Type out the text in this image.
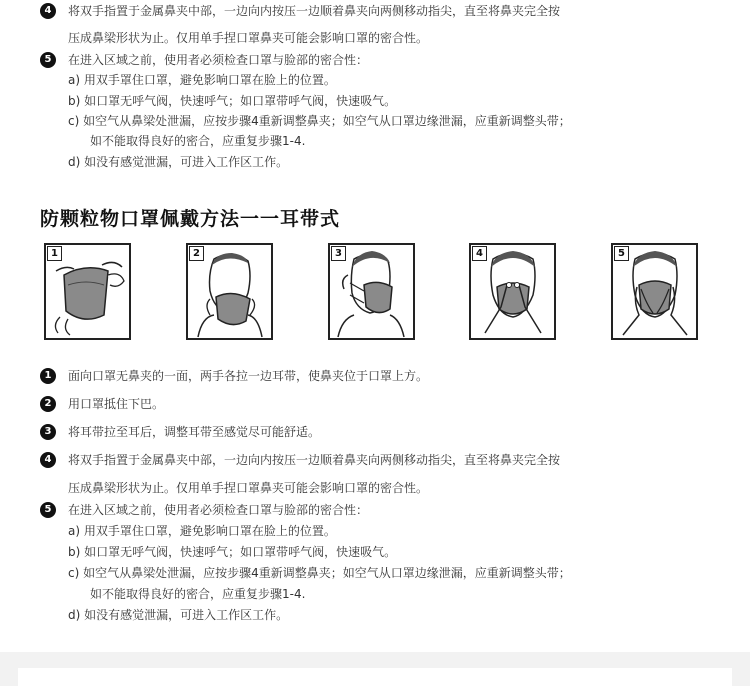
4	将双手指置于金属鼻夹中部，一边向内按压一边顺着鼻夹向两侧移动指尖，直至将鼻夹完全按
压成鼻梁形状为止。仅用单手捏口罩鼻夹可能会影响口罩的密合性。
5	在进入区域之前，使用者必须检查口罩与脸部的密合性：
a) 用双手罩住口罩，避免影响口罩在脸上的位置。
b) 如口罩无呼气阀，快速呼气；如口罩带呼气阀，快速吸气。
c) 如空气从鼻梁处泄漏，应按步骤4重新调整鼻夹；如空气从口罩边缘泄漏，应重新调整头带；
如不能取得良好的密合，应重复步骤1-4.
d) 如没有感觉泄漏，可进入工作区工作。
防颗粒物口罩佩戴方法一一耳带式
1	2	3	4	5
1	面向口罩无鼻夹的一面，两手各拉一边耳带，使鼻夹位于口罩上方。
2	用口罩抵住下巴。
3	将耳带拉至耳后，调整耳带至感觉尽可能舒适。
4	将双手指置于金属鼻夹中部，一边向内按压一边顺着鼻夹向两侧移动指尖，直至将鼻夹完全按
压成鼻梁形状为止。仅用单手捏口罩鼻夹可能会影响口罩的密合性。
5	在进入区域之前，使用者必须检查口罩与脸部的密合性：
a) 用双手罩住口罩，避免影响口罩在脸上的位置。
b) 如口罩无呼气阀，快速呼气；如口罩带呼气阀，快速吸气。
c) 如空气从鼻梁处泄漏，应按步骤4重新调整鼻夹；如空气从口罩边缘泄漏，应重新调整头带；
如不能取得良好的密合，应重复步骤1-4.
d) 如没有感觉泄漏，可进入工作区工作。
